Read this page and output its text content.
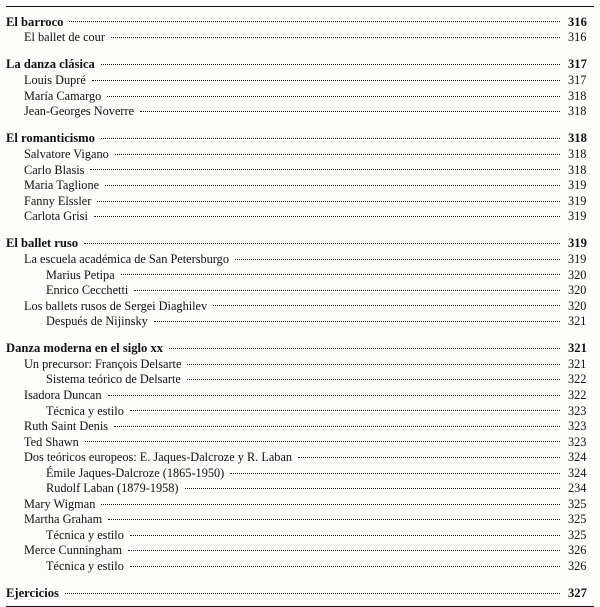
El barroco	316
El ballet de cour	316
La danza clásica	317
Louis Dupré	317
María Camargo	318
Jean-Georges Noverre	318
El romanticismo	318
Salvatore Vigano	318
Carlo Blasis	318
Maria Taglione	319
Fanny Elssler	319
Carlota Grisi	319
El ballet ruso	319
La escuela académica de San Petersburgo	319
Marius Petipa	320
Enrico Cecchetti	320
Los ballets rusos de Sergei Diaghilev	320
Después de Nijinsky	321
Danza moderna en el siglo xx	321
Un precursor: François Delsarte	321
Sistema teórico de Delsarte	322
Isadora Duncan	322
Técnica y estilo	323
Ruth Saint Denis	323
Ted Shawn	323
Dos teóricos europeos: E. Jaques-Dalcroze y R. Laban	324
Émile Jaques-Dalcroze (1865-1950)	324
Rudolf Laban (1879-1958)	234
Mary Wigman	325
Martha Graham	325
Técnica y estilo	325
Merce Cunningham	326
Técnica y estilo	326
Ejercicios	327
